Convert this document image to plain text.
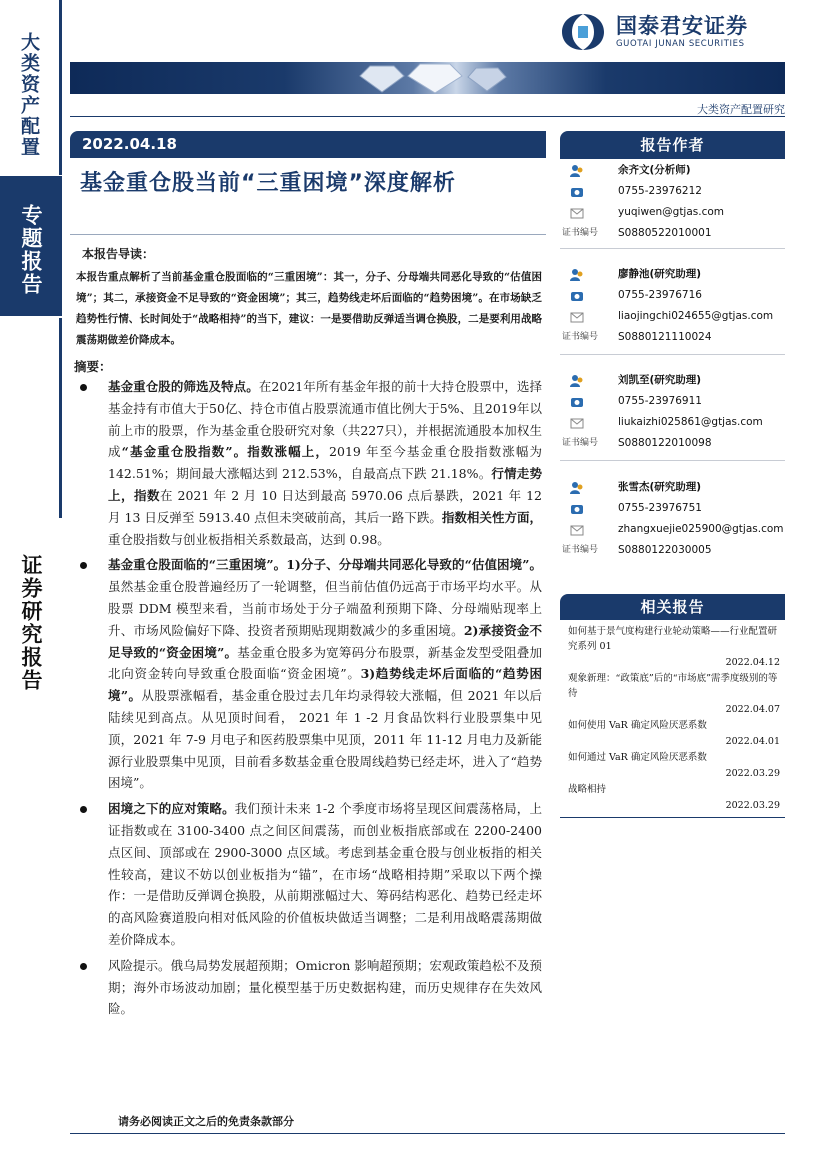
大类资产配置
专题报告
证券研究报告
国泰君安证券
GUOTAI JUNAN SECURITIES
大类资产配置研究
2022.04.18
基金重仓股当前“三重困境”深度解析
本报告导读：
本报告重点解析了当前基金重仓股面临的“三重困境”：其一，分子、分母端共同恶化导致的“估值困境”；其二，承接资金不足导致的“资金困境”；其三，趋势线走坏后面临的“趋势困境”。在市场缺乏趋势性行情、长时间处于“战略相持”的当下，建议：一是要借助反弹适当调仓换股，二是要利用战略震荡期做差价降成本。
摘要：
基金重仓股的筛选及特点。在2021年所有基金年报的前十大持仓股票中，选择基金持有市值大于50亿、持仓市值占股票流通市值比例大于5%、且2019年以前上市的股票，作为基金重仓股研究对象（共227只），并根据流通股本加权生成“基金重仓股指数”。指数涨幅上，2019 年至今基金重仓股指数涨幅为 142.51%；期间最大涨幅达到 212.53%，自最高点下跌 21.18%。行情走势上，指数在 2021 年 2 月 10 日达到最高 5970.06 点后暴跌，2021 年 12 月 13 日反弹至 5913.40 点但未突破前高，其后一路下跌。指数相关性方面，重仓股指数与创业板指相关系数最高，达到 0.98。
基金重仓股面临的“三重困境”。1)分子、分母端共同恶化导致的“估值困境”。虽然基金重仓股普遍经历了一轮调整，但当前估值仍远高于市场平均水平。从股票 DDM 模型来看，当前市场处于分子端盈利预期下降、分母端贴现率上升、市场风险偏好下降、投资者预期贴现期数减少的多重困境。2)承接资金不足导致的“资金困境”。基金重仓股多为宽筹码分布股票，新基金发型受阻叠加北向资金转向导致重仓股面临“资金困境”。3)趋势线走坏后面临的“趋势困境”。从股票涨幅看，基金重仓股过去几年均录得较大涨幅，但 2021 年以后陆续见到高点。从见顶时间看， 2021 年 1 -2 月食品饮料行业股票集中见顶，2021 年 7-9 月电子和医药股票集中见顶，2011 年 11-12 月电力及新能源行业股票集中见顶，目前看多数基金重仓股周线趋势已经走坏，进入了“趋势困境”。
困境之下的应对策略。我们预计未来 1-2 个季度市场将呈现区间震荡格局，上证指数或在 3100-3400 点之间区间震荡，而创业板指底部或在 2200-2400 点区间、顶部或在 2900-3000 点区域。考虑到基金重仓股与创业板指的相关性较高，建议不妨以创业板指为“锚”，在市场“战略相持期”采取以下两个操作：一是借助反弹调仓换股，从前期涨幅过大、筹码结构恶化、趋势已经走坏的高风险赛道股向相对低风险的价值板块做适当调整；二是利用战略震荡期做差价降成本。
风险提示。俄乌局势发展超预期；Omicron 影响超预期；宏观政策趋松不及预期；海外市场波动加剧；量化模型基于历史数据构建，而历史规律存在失效风险。
请务必阅读正文之后的免责条款部分
报告作者
余齐文(分析师)
0755-23976212
yuqiwen@gtjas.com
证书编号 S0880522010001
廖静池(研究助理)
0755-23976716
liaojingchi024655@gtjas.com
证书编号 S0880121110024
刘凯至(研究助理)
0755-23976911
liukaizhi025861@gtjas.com
证书编号 S0880122010098
张雪杰(研究助理)
0755-23976751
zhangxuejie025900@gtjas.com
证书编号 S0880122030005
相关报告
如何基于景气度构建行业轮动策略——行业配置研究系列 01
2022.04.12
观象新理：“政策底”后的“市场底”需季度级别的等待
2022.04.07
如何使用 VaR 确定风险厌恶系数
2022.04.01
如何通过 VaR 确定风险厌恶系数
2022.03.29
战略相持
2022.03.29
